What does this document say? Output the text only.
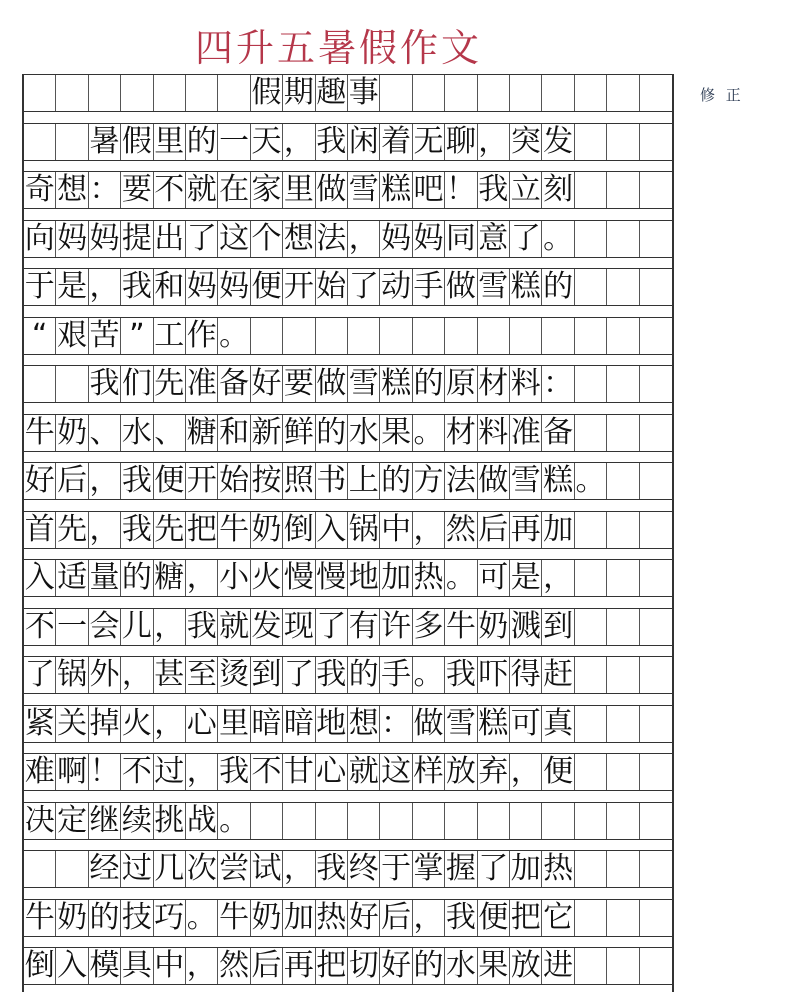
四升五暑假作文

假 期 趣 事

暑 假 里 的 一 天 ， 我 闲 着 无 聊 ， 突 发
奇 想 ： 要 不 就 在 家 里 做 雪 糕 吧 ！ 我 立 刻
向 妈 妈 提 出 了 这 个 想 法 ， 妈 妈 同 意 了 。
于 是 ， 我 和 妈 妈 便 开 始 了 动 手 做 雪 糕 的
“ 艰 苦 ” 工 作 。

我 们 先 准 备 好 要 做 雪 糕 的 原 材 料 ：
牛 奶 、 水 、 糖 和 新 鲜 的 水 果 。 材 料 准 备
好 后 ， 我 便 开 始 按 照 书 上 的 方 法 做 雪 糕 。
首 先 ， 我 先 把 牛 奶 倒 入 锅 中 ， 然 后 再 加
入 适 量 的 糖 ， 小 火 慢 慢 地 加 热 。 可 是 ，
不 一 会 儿 ， 我 就 发 现 了 有 许 多 牛 奶 溅 到
了 锅 外 ， 甚 至 烫 到 了 我 的 手 。 我 吓 得 赶
紧 关 掉 火 ， 心 里 暗 暗 地 想 ： 做 雪 糕 可 真
难 啊 ！ 不 过 ， 我 不 甘 心 就 这 样 放 弃 ， 便
决 定 继 续 挑 战 。

经 过 几 次 尝 试 ， 我 终 于 掌 握 了 加 热
牛 奶 的 技 巧 。 牛 奶 加 热 好 后 ， 我 便 把 它
倒 入 模 具 中 ， 然 后 再 把 切 好 的 水 果 放 进
修 正
